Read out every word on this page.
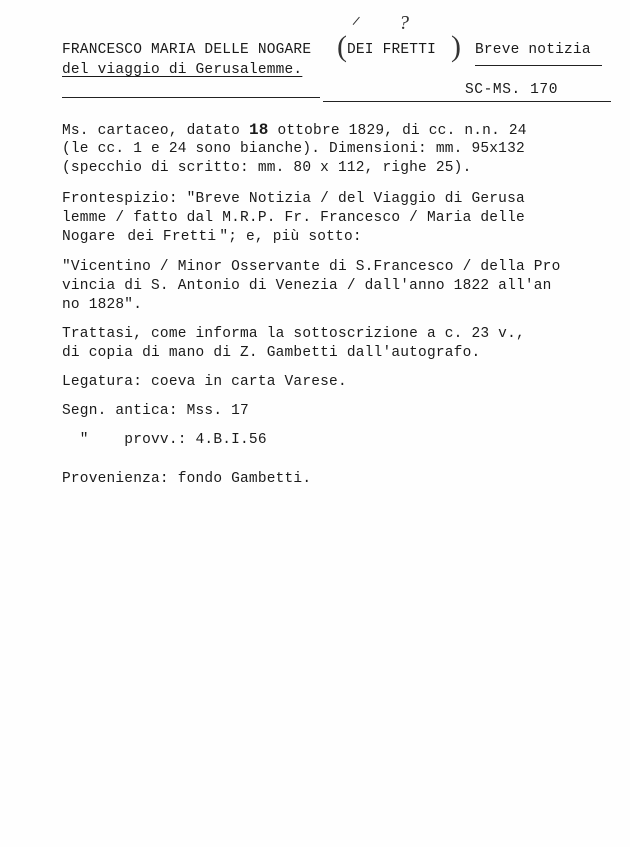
FRANCESCO MARIA DELLE NOGARE ( DEI FRETTI )
?
Breve notizia
del viaggio di Gerusalemme.
SC-MS. 170
Ms. cartaceo, datato 18 ottobre 1829, di cc. n.n. 24
(le cc. 1 e 24 sono bianche). Dimensioni: mm. 95x132
(specchio di scritto: mm. 80 x 112, righe 25).
Frontespizio: "Breve Notizia / del Viaggio di Gerusa
lemme / fatto dal M.R.P. Fr. Francesco / Maria delle
Nogare dei Fretti "; e, più sotto:
"Vicentino / Minor Osservante di S.Francesco / della Pro
vincia di S. Antonio di Venezia / dall'anno 1822 all'an
no 1828".
Trattasi, come informa la sottoscrizione a c. 23 v.,
di copia di mano di Z. Gambetti dall'autografo.
Legatura: coeva in carta Varese.
Segn. antica: Mss. 17
"    provv.: 4.B.I.56
Provenienza: fondo Gambetti.
